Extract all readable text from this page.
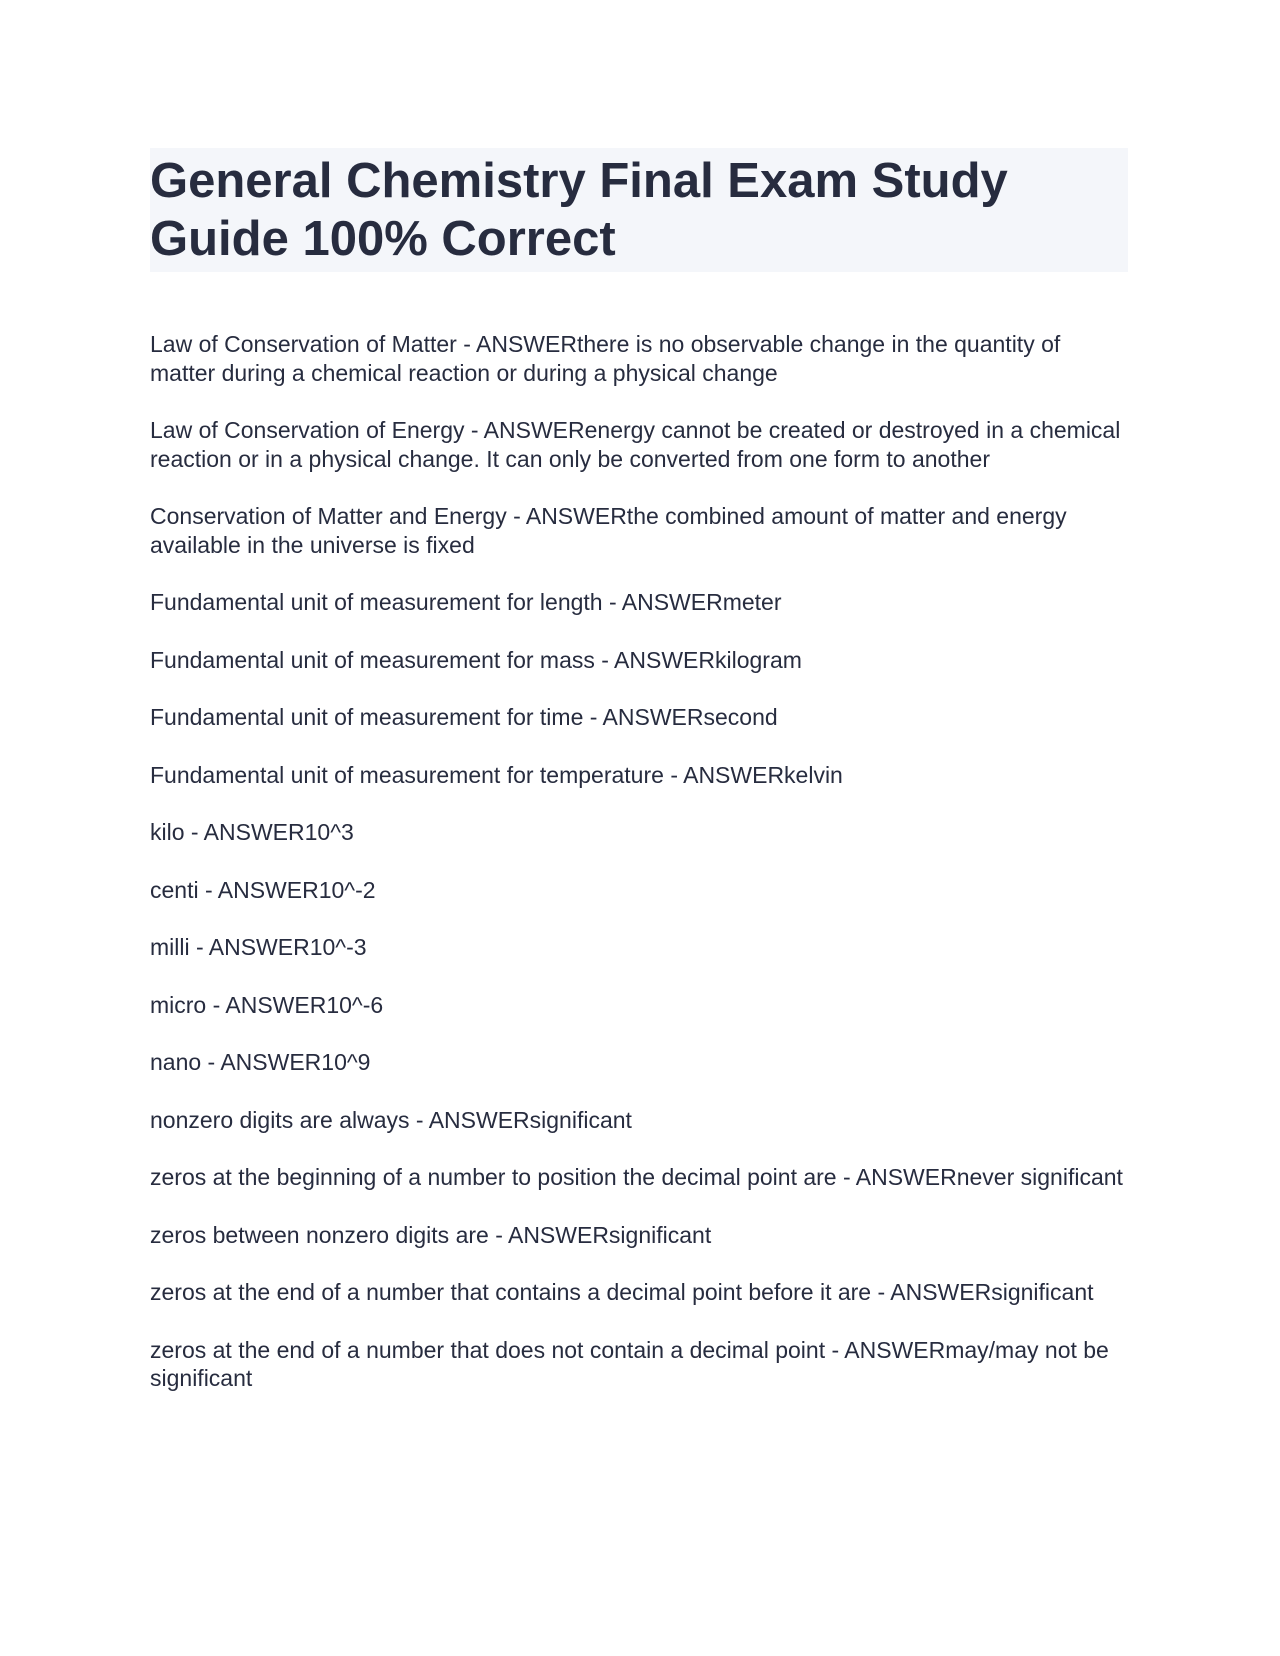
General Chemistry Final Exam Study Guide 100% Correct

Law of Conservation of Matter - ANSWERthere is no observable change in the quantity of matter during a chemical reaction or during a physical change

Law of Conservation of Energy - ANSWERenergy cannot be created or destroyed in a chemical reaction or in a physical change. It can only be converted from one form to another

Conservation of Matter and Energy - ANSWERthe combined amount of matter and energy available in the universe is fixed

Fundamental unit of measurement for length - ANSWERmeter

Fundamental unit of measurement for mass - ANSWERkilogram

Fundamental unit of measurement for time - ANSWERsecond

Fundamental unit of measurement for temperature - ANSWERkelvin

kilo - ANSWER10^3

centi - ANSWER10^-2

milli - ANSWER10^-3

micro - ANSWER10^-6

nano - ANSWER10^9

nonzero digits are always - ANSWERsignificant

zeros at the beginning of a number to position the decimal point are - ANSWERnever significant

zeros between nonzero digits are - ANSWERsignificant

zeros at the end of a number that contains a decimal point before it are - ANSWERsignificant

zeros at the end of a number that does not contain a decimal point - ANSWERmay/may not be significant
